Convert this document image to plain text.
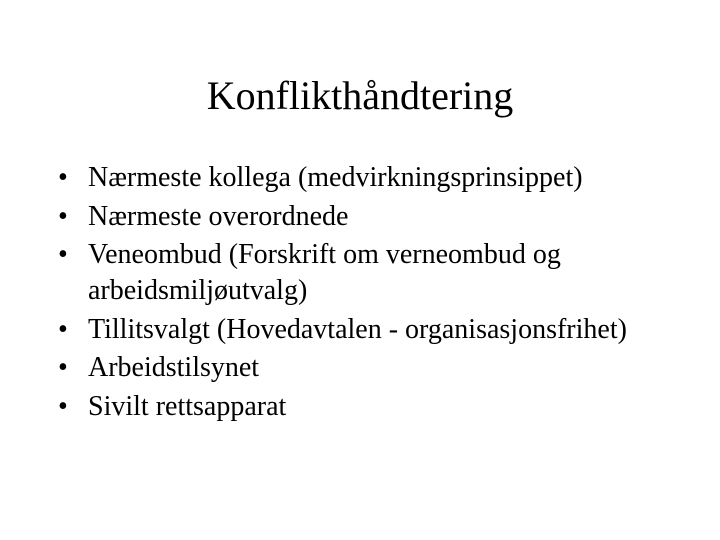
Konflikthåndtering
• Nærmeste kollega (medvirkningsprinsippet)
• Nærmeste overordnede
• Veneombud (Forskrift om verneombud og arbeidsmiljøutvalg)
• Tillitsvalgt (Hovedavtalen - organisasjonsfrihet)
• Arbeidstilsynet
• Sivilt rettsapparat
